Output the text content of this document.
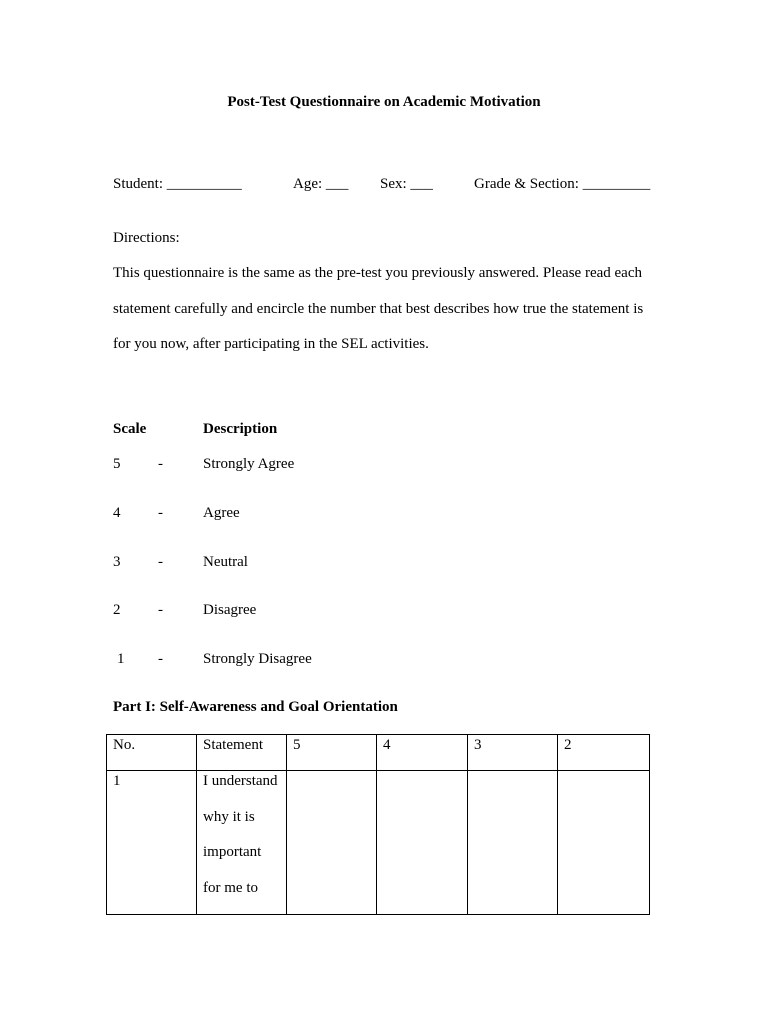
Post-Test Questionnaire on Academic Motivation
Student: __________	Age: ___ Sex: ___	Grade & Section: _________
Directions:
This questionnaire is the same as the pre-test you previously answered. Please read each
statement carefully and encircle the number that best describes how true the statement is
for you now, after participating in the SEL activities.
Scale	Description
5	-	Strongly Agree
4	-	Agree
3	-	Neutral
2	-	Disagree
1 -	Strongly Disagree
Part I: Self-Awareness and Goal Orientation
No.	Statement	5	4	3	2
1	I understand
why it is
important
for me to				
